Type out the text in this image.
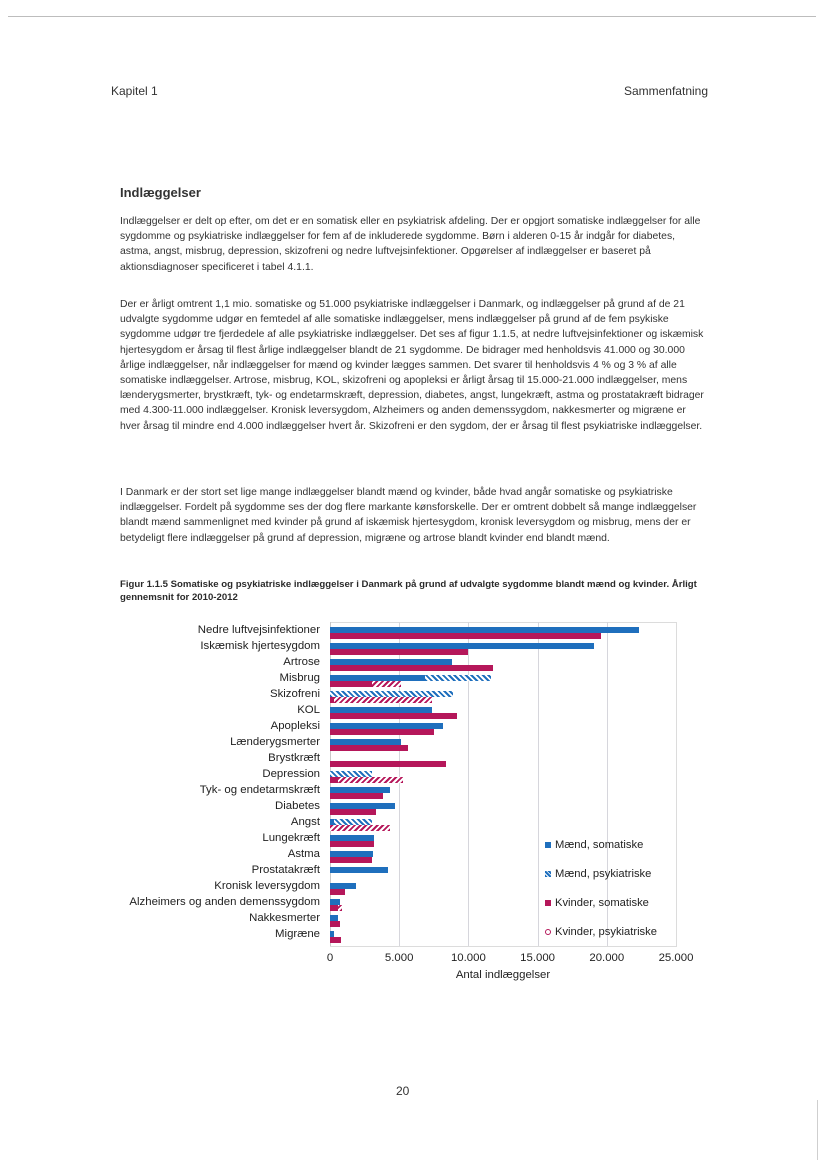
Kapitel 1	Sammenfatning
Indlæggelser
Indlæggelser er delt op efter, om det er en somatisk eller en psykiatrisk afdeling. Der er opgjort somatiske indlæggelser for alle sygdomme og psykiatriske indlæggelser for fem af de inkluderede sygdomme. Børn i alderen 0-15 år indgår for diabetes, astma, angst, misbrug, depression, skizofreni og nedre luftvejsinfektioner. Opgørelser af indlæggelser er baseret på aktionsdiagnoser specificeret i tabel 4.1.1.
Der er årligt omtrent 1,1 mio. somatiske og 51.000 psykiatriske indlæggelser i Danmark, og indlæggelser på grund af de 21 udvalgte sygdomme udgør en femtedel af alle somatiske indlæggelser, mens indlæggelser på grund af de fem psykiske sygdomme udgør tre fjerdedele af alle psykiatriske indlæggelser. Det ses af figur 1.1.5, at nedre luftvejsinfektioner og iskæmisk hjertesygdom er årsag til flest årlige indlæggelser blandt de 21 sygdomme. De bidrager med henholdsvis 41.000 og 30.000 årlige indlæggelser, når indlæggelser for mænd og kvinder lægges sammen. Det svarer til henholdsvis 4 % og 3 % af alle somatiske indlæggelser. Artrose, misbrug, KOL, skizofreni og apopleksi er årligt årsag til 15.000-21.000 indlæggelser, mens lænderygsmerter, brystkræft, tyk- og endetarmskræft, depression, diabetes, angst, lungekræft, astma og prostatakræft bidrager med 4.300-11.000 indlæggelser. Kronisk leversygdom, Alzheimers og anden demenssygdom, nakkesmerter og migræne er hver årsag til mindre end 4.000 indlæggelser hvert år. Skizofreni er den sygdom, der er årsag til flest psykiatriske indlæggelser.
I Danmark er der stort set lige mange indlæggelser blandt mænd og kvinder, både hvad angår somatiske og psykiatriske indlæggelser. Fordelt på sygdomme ses der dog flere markante kønsforskelle. Der er omtrent dobbelt så mange indlæggelser blandt mænd sammenlignet med kvinder på grund af iskæmisk hjertesygdom, kronisk leversygdom og misbrug, mens der er betydeligt flere indlæggelser på grund af depression, migræne og artrose blandt kvinder end blandt mænd.
Figur 1.1.5 Somatiske og psykiatriske indlæggelser i Danmark på grund af udvalgte sygdomme blandt mænd og kvinder. Årligt gennemsnit for 2010-2012
Nedre luftvejsinfektioner
Iskæmisk hjertesygdom
Artrose
Misbrug
Skizofreni
KOL
Apopleksi
Lænderygsmerter
Brystkræft
Depression
Tyk- og endetarmskræft
Diabetes
Angst
Lungekræft
Astma
Prostatakræft
Kronisk leversygdom
Alzheimers og anden demenssygdom
Nakkesmerter
Migræne
0	5.000	10.000	15.000	20.000	25.000
Antal indlæggelser
Mænd, somatiske
Mænd, psykiatriske
Kvinder, somatiske
Kvinder, psykiatriske
20
